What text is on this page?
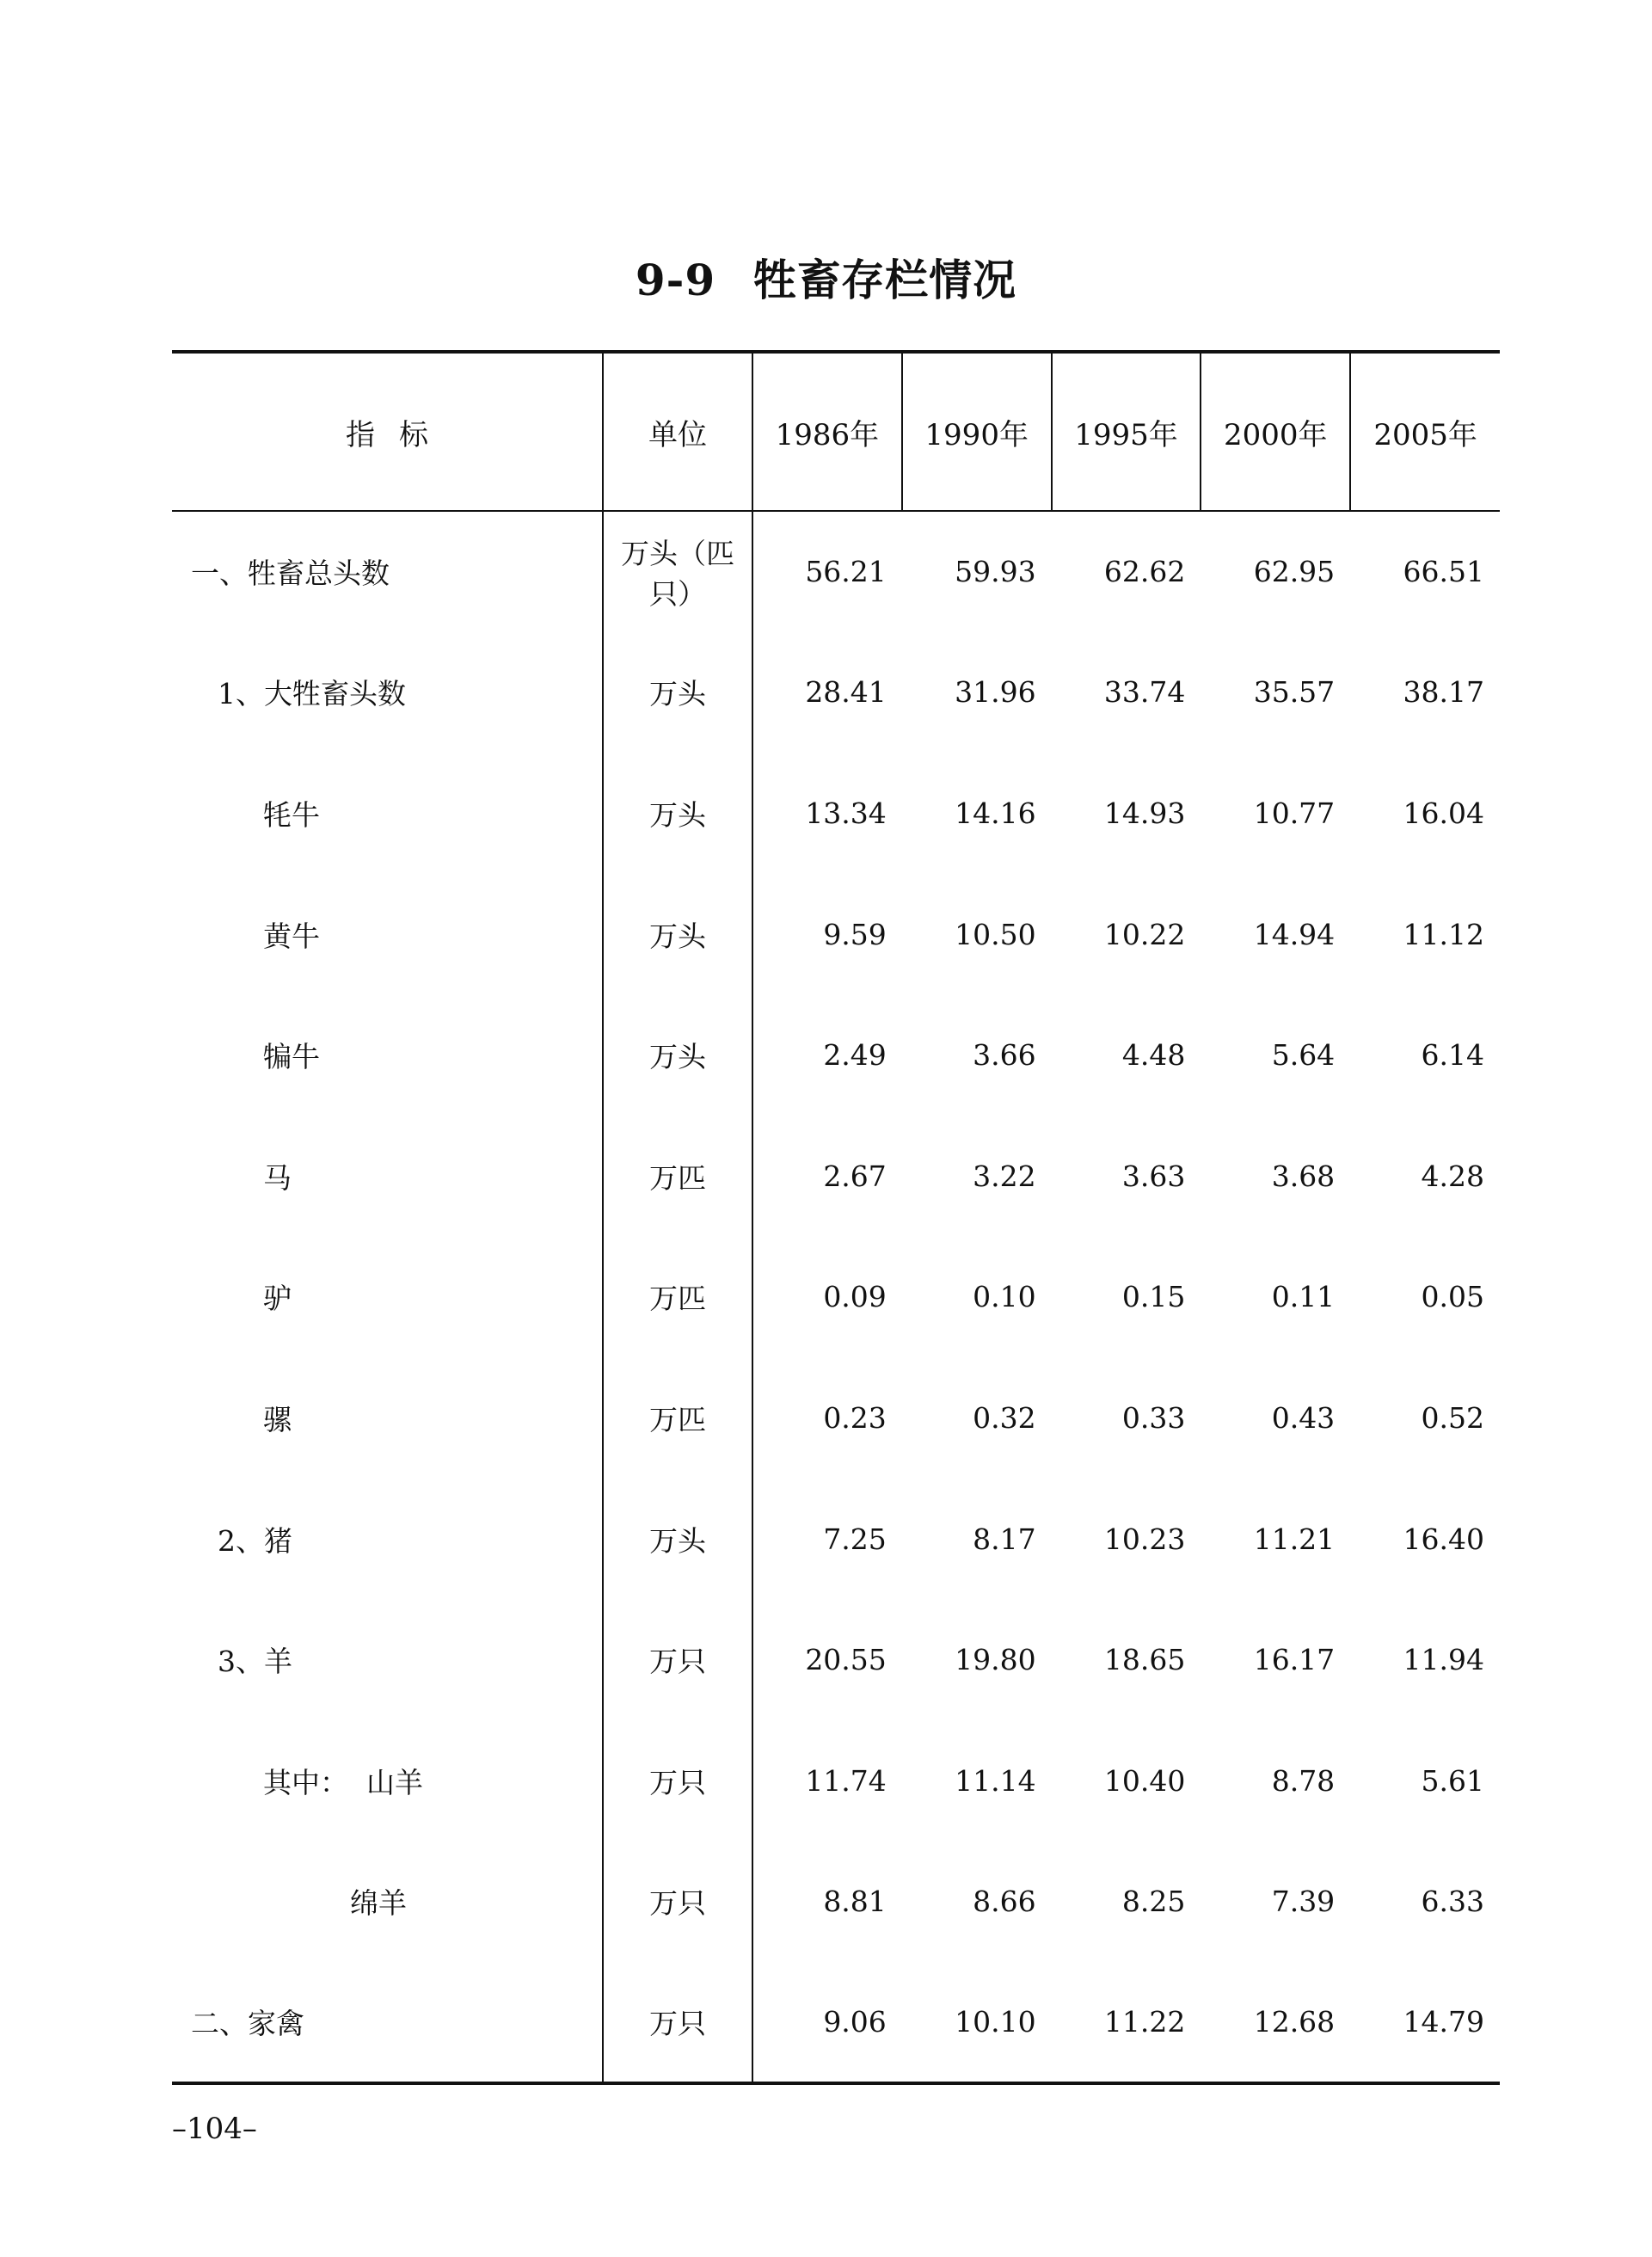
9-9 牲畜存栏情况
指标	单位	1986年	1990年	1995年	2000年	2005年
一、牲畜总头数	万头（匹只）	56.21	59.93	62.62	62.95	66.51
1、大牲畜头数	万头	28.41	31.96	33.74	35.57	38.17
牦牛	万头	13.34	14.16	14.93	10.77	16.04
黄牛	万头	9.59	10.50	10.22	14.94	11.12
犏牛	万头	2.49	3.66	4.48	5.64	6.14
马	万匹	2.67	3.22	3.63	3.68	4.28
驴	万匹	0.09	0.10	0.15	0.11	0.05
骡	万匹	0.23	0.32	0.33	0.43	0.52
2、猪	万头	7.25	8.17	10.23	11.21	16.40
3、羊	万只	20.55	19.80	18.65	16.17	11.94
其中：  山羊	万只	11.74	11.14	10.40	8.78	5.61
绵羊	万只	8.81	8.66	8.25	7.39	6.33
二、家禽	万只	9.06	10.10	11.22	12.68	14.79
–104–
